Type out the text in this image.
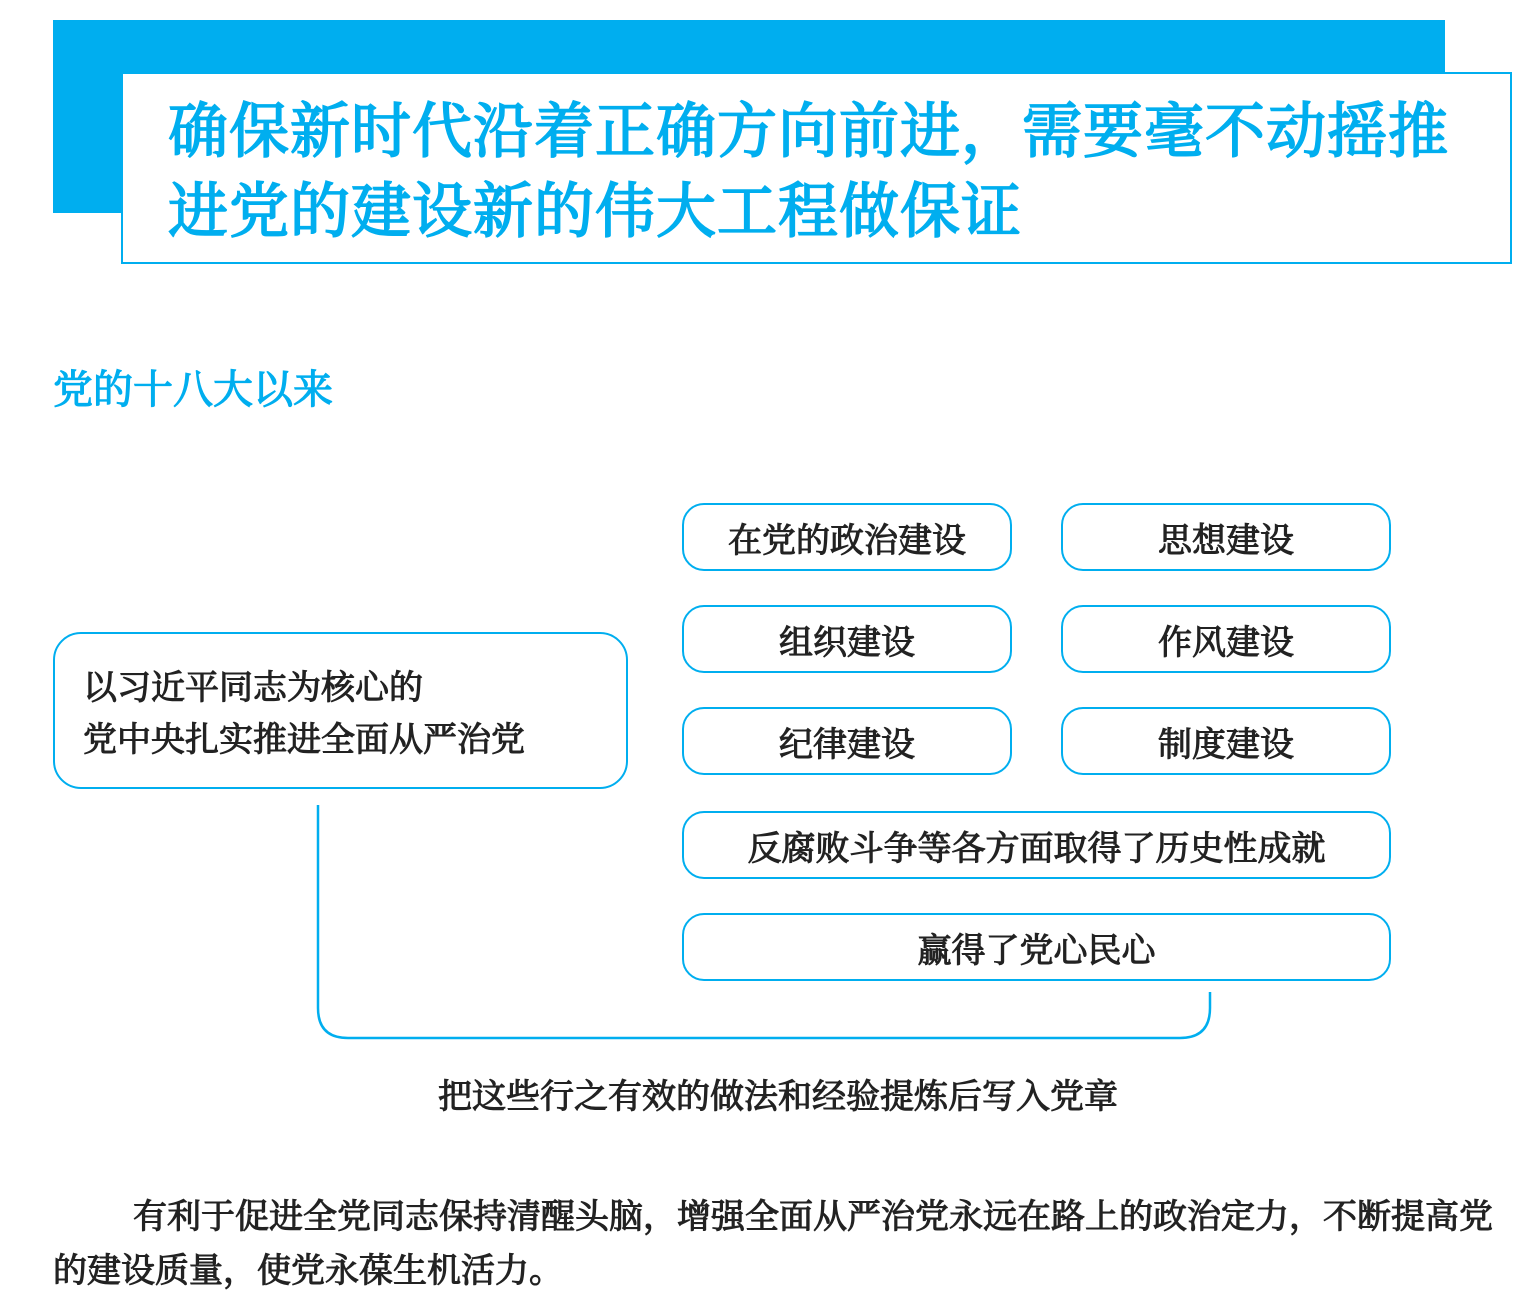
确保新时代沿着正确方向前进，需要毫不动摇推进党的建设新的伟大工程做保证
党的十八大以来
以习近平同志为核心的
党中央扎实推进全面从严治党
在党的政治建设	思想建设
组织建设	作风建设
纪律建设	制度建设
反腐败斗争等各方面取得了历史性成就
赢得了党心民心
把这些行之有效的做法和经验提炼后写入党章
有利于促进全党同志保持清醒头脑，增强全面从严治党永远在路上的政治定力，不断提高党的建设质量，使党永葆生机活力。
